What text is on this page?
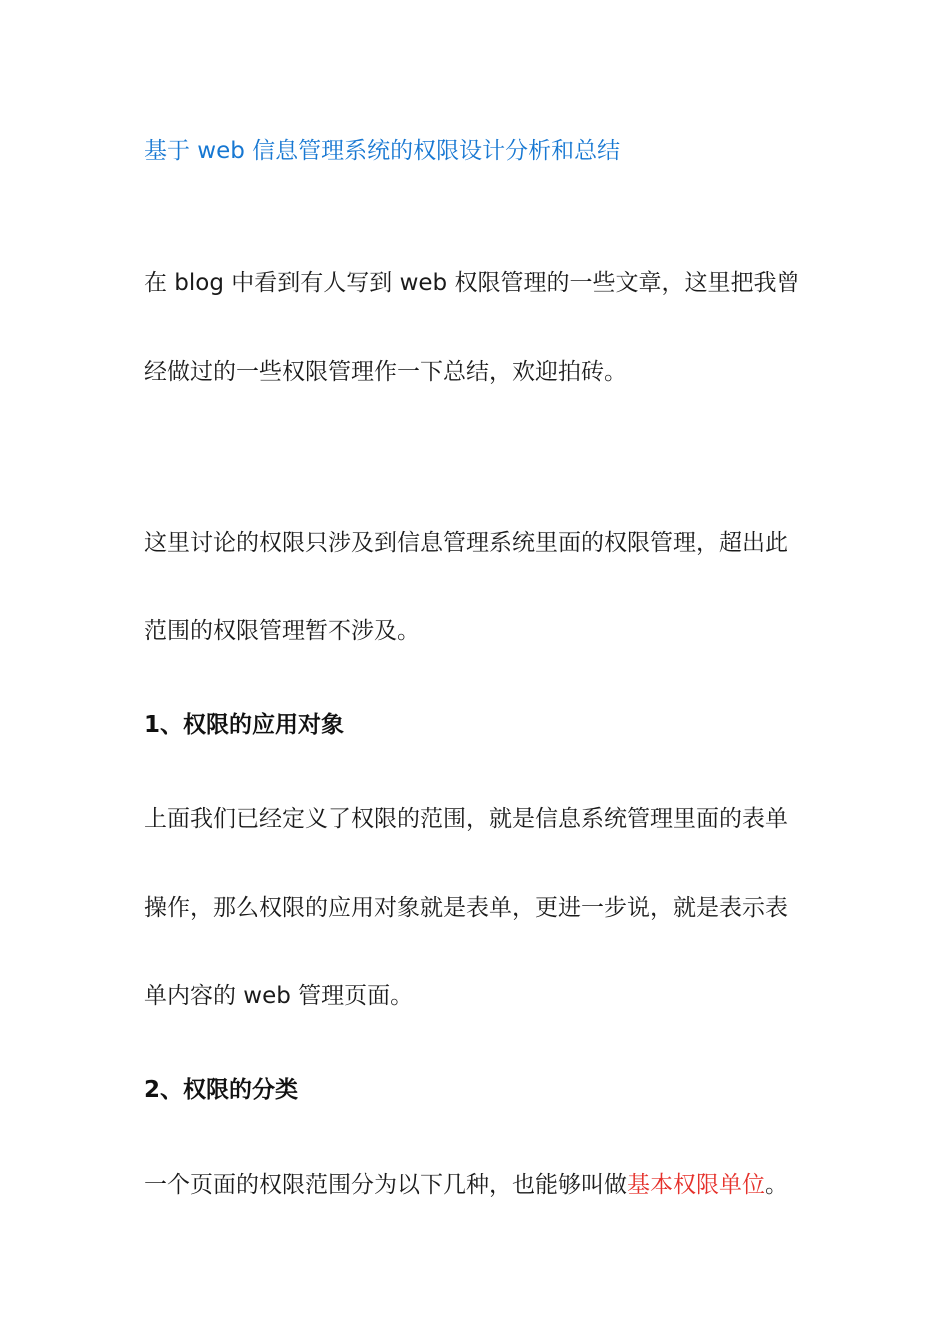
基于 web 信息管理系统的权限设计分析和总结
在 blog 中看到有人写到 web 权限管理的一些文章，这里把我曾
经做过的一些权限管理作一下总结，欢迎拍砖。
这里讨论的权限只涉及到信息管理系统里面的权限管理，超出此
范围的权限管理暂不涉及。
1、权限的应用对象
上面我们已经定义了权限的范围，就是信息系统管理里面的表单
操作，那么权限的应用对象就是表单，更进一步说，就是表示表
单内容的 web 管理页面。
2、权限的分类
一个页面的权限范围分为以下几种，也能够叫做基本权限单位。
